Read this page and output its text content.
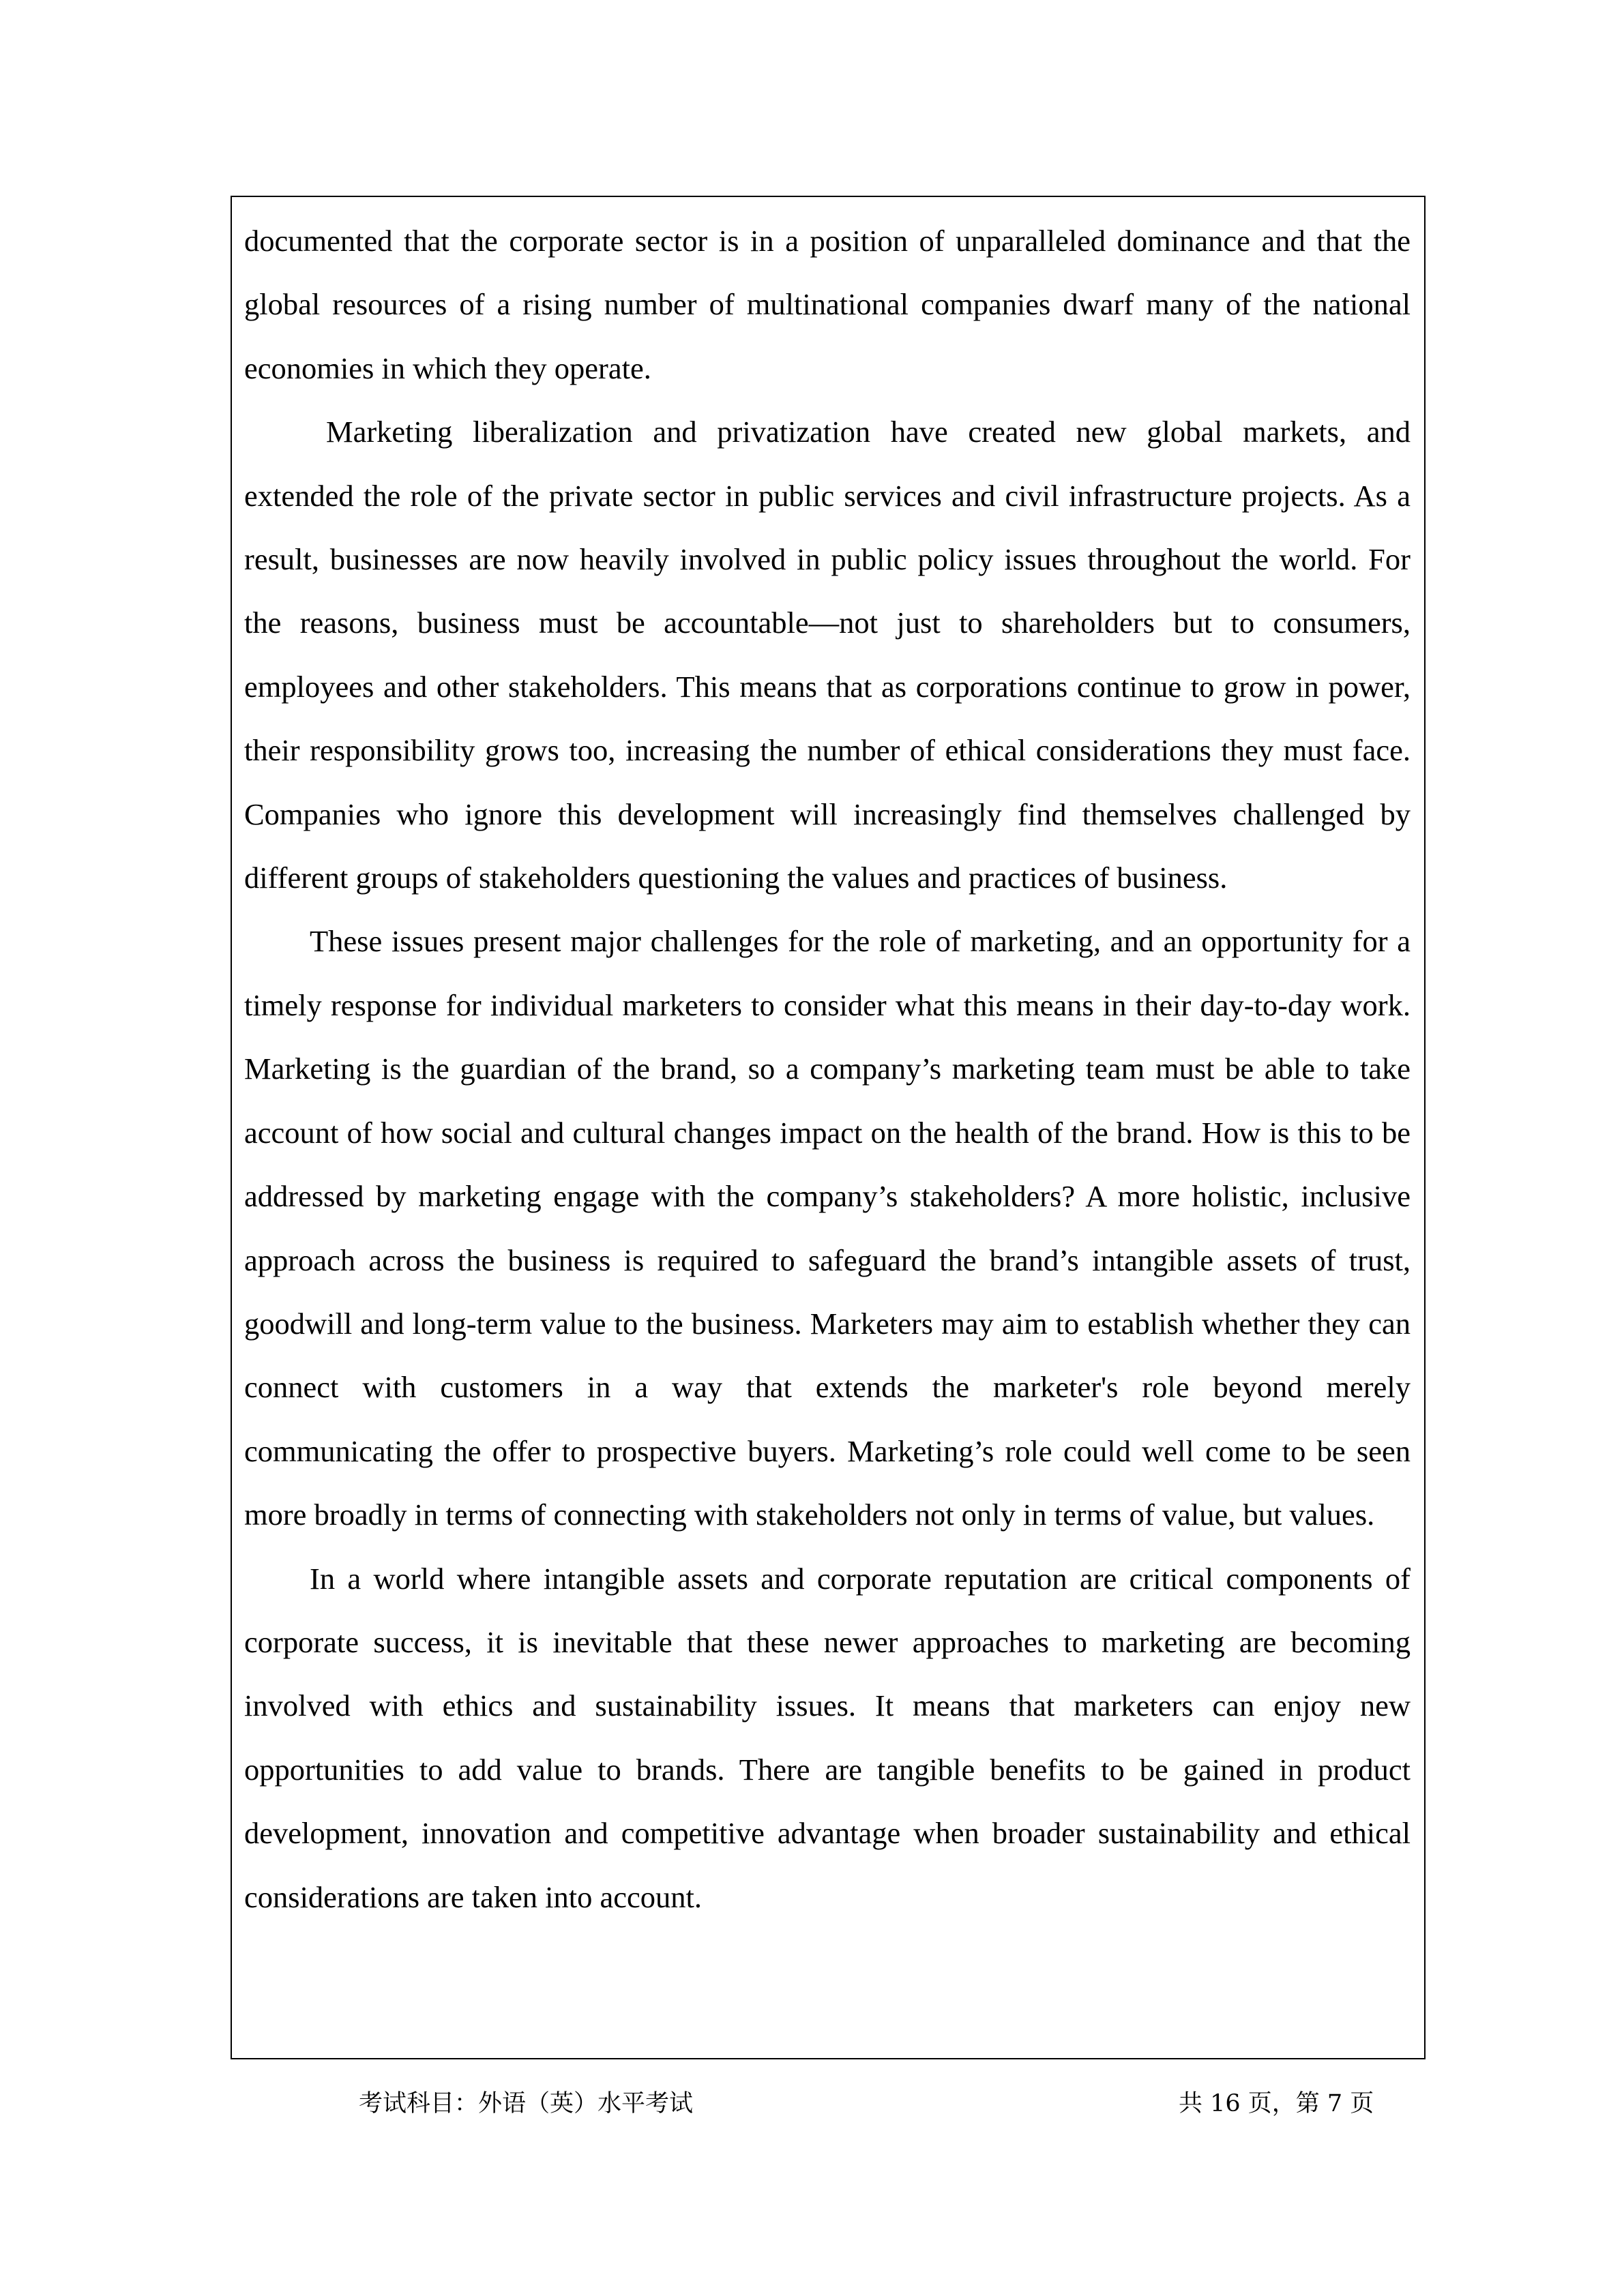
documented that the corporate sector is in a position of unparalleled dominance and that the global resources of a rising number of multinational companies dwarf many of the national economies in which they operate.

Marketing liberalization and privatization have created new global markets, and extended the role of the private sector in public services and civil infrastructure projects. As a result, businesses are now heavily involved in public policy issues throughout the world. For the reasons, business must be accountable—not just to shareholders but to consumers, employees and other stakeholders. This means that as corporations continue to grow in power, their responsibility grows too, increasing the number of ethical considerations they must face. Companies who ignore this development will increasingly find themselves challenged by different groups of stakeholders questioning the values and practices of business.

These issues present major challenges for the role of marketing, and an opportunity for a timely response for individual marketers to consider what this means in their day-to-day work. Marketing is the guardian of the brand, so a company’s marketing team must be able to take account of how social and cultural changes impact on the health of the brand. How is this to be addressed by marketing engage with the company’s stakeholders? A more holistic, inclusive approach across the business is required to safeguard the brand’s intangible assets of trust, goodwill and long-term value to the business. Marketers may aim to establish whether they can connect with customers in a way that extends the marketer's role beyond merely communicating the offer to prospective buyers. Marketing’s role could well come to be seen more broadly in terms of connecting with stakeholders not only in terms of value, but values.

In a world where intangible assets and corporate reputation are critical components of corporate success, it is inevitable that these newer approaches to marketing are becoming involved with ethics and sustainability issues. It means that marketers can enjoy new opportunities to add value to brands. There are tangible benefits to be gained in product development, innovation and competitive advantage when broader sustainability and ethical considerations are taken into account.

考试科目：外语（英）水平考试	共 16 页，第 7 页
